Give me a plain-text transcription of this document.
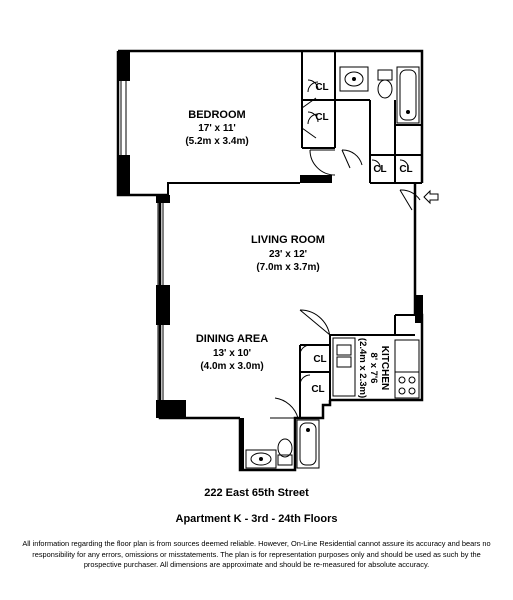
BEDROOM
17' x 11'
(5.2m x 3.4m)
LIVING ROOM
23' x 12'
(7.0m x 3.7m)
DINING AREA
13' x 10'
(4.0m x 3.0m)	KITCHEN
8' x 7'6
(2.4m x 2.3m)
CL
CL
CL CL
CL
CL
222 East 65th Street
Apartment K - 3rd - 24th Floors
All information regarding the floor plan is from sources deemed reliable. However, On-Line Residential cannot assure its accuracy and bears no responsibility for any errors, omissions or misstatements. The plan is for representation purposes only and should be used as such by the prospective purchaser. All dimensions are approximate and should be re-measured for absolute accuracy.
